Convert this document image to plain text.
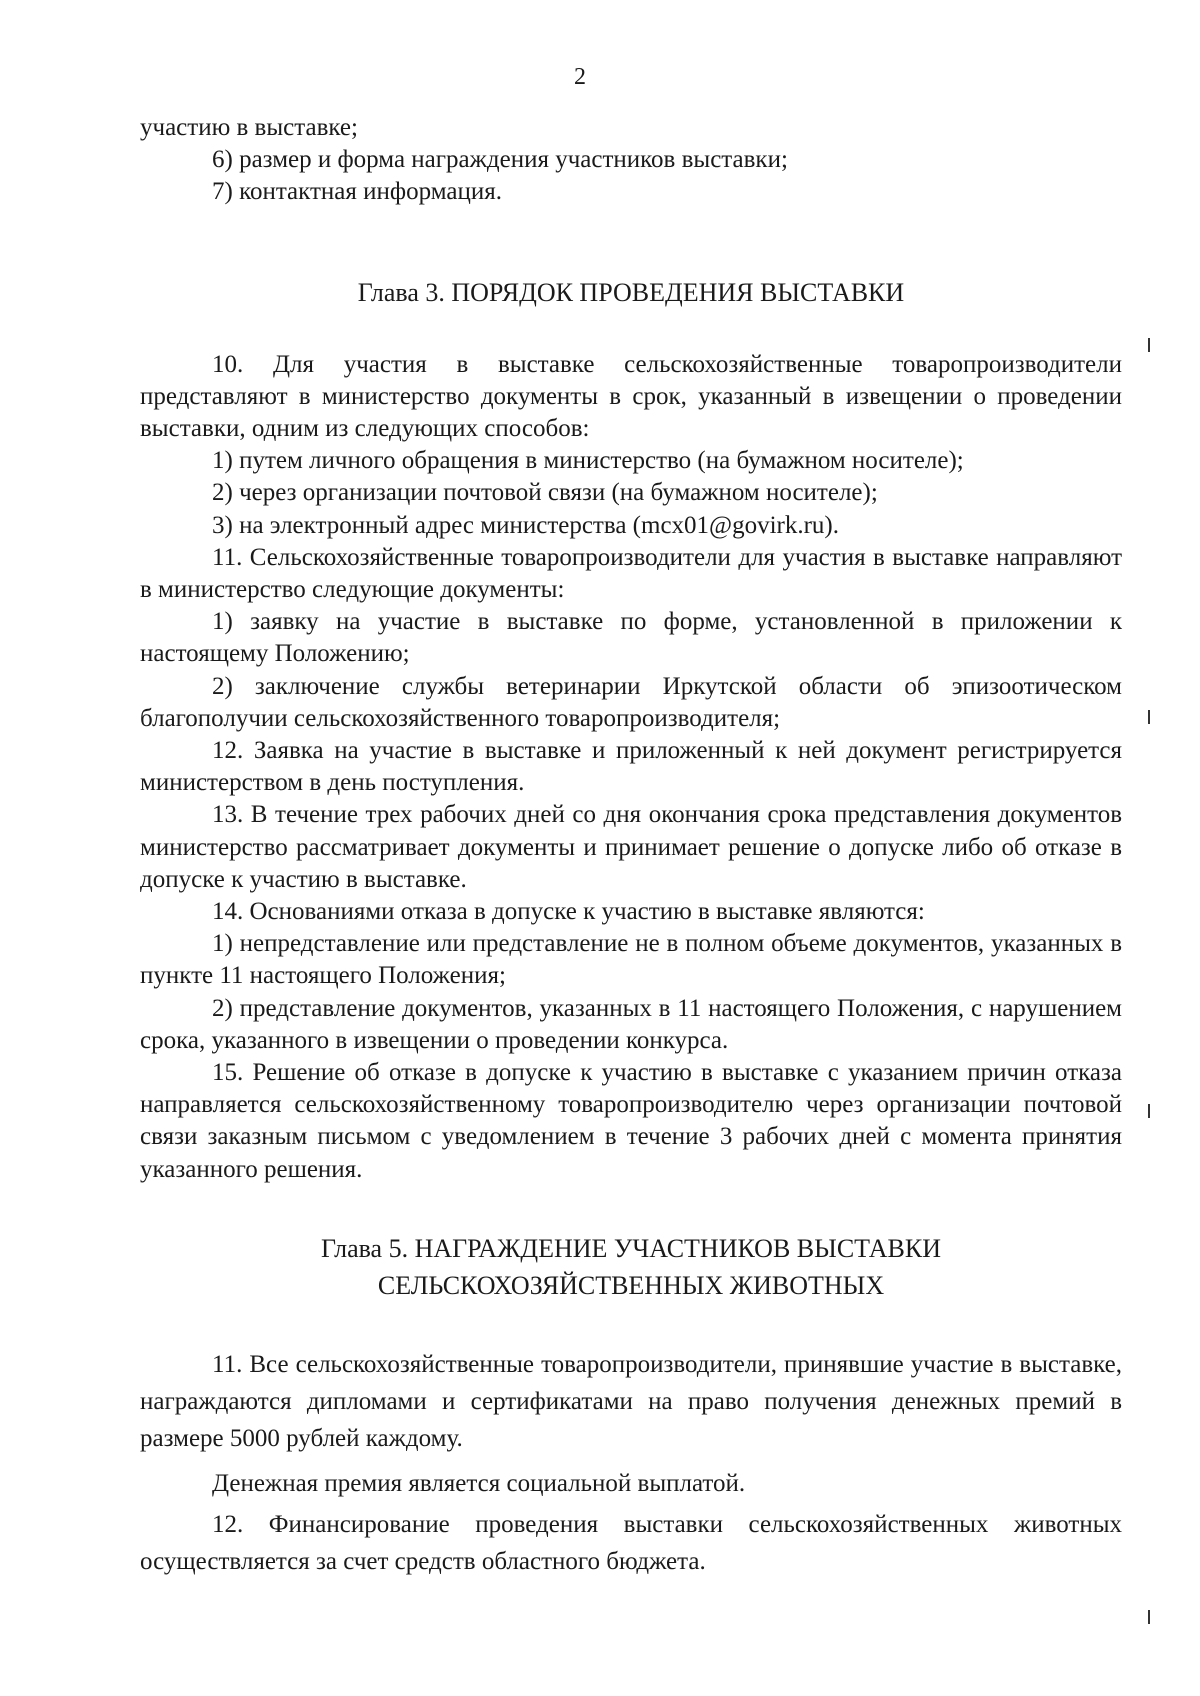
2

участию в выставке;

6) размер и форма награждения участников выставки;

7) контактная информация.

Глава 3. ПОРЯДОК ПРОВЕДЕНИЯ ВЫСТАВКИ

10. Для участия в выставке сельскохозяйственные товаропроизводители представляют в министерство документы в срок, указанный в извещении о проведении выставки, одним из следующих способов:

1) путем личного обращения в министерство (на бумажном носителе);

2) через организации почтовой связи (на бумажном носителе);

3) на электронный адрес министерства (mcx01@govirk.ru).

11. Сельскохозяйственные товаропроизводители для участия в выставке направляют в министерство следующие документы:

1) заявку на участие в выставке по форме, установленной в приложении к настоящему Положению;

2) заключение службы ветеринарии Иркутской области об эпизоотическом благополучии сельскохозяйственного товаропроизводителя;

12. Заявка на участие в выставке и приложенный к ней документ регистрируется министерством в день поступления.

13. В течение трех рабочих дней со дня окончания срока представления документов министерство рассматривает документы и принимает решение о допуске либо об отказе в допуске к участию в выставке.

14. Основаниями отказа в допуске к участию в выставке являются:

1) непредставление или представление не в полном объеме документов, указанных в пункте 11 настоящего Положения;

2) представление документов, указанных в 11 настоящего Положения, с нарушением срока, указанного в извещении о проведении конкурса.

15. Решение об отказе в допуске к участию в выставке с указанием причин отказа направляется сельскохозяйственному товаропроизводителю через организации почтовой связи заказным письмом с уведомлением в течение 3 рабочих дней с момента принятия указанного решения.

Глава 5. НАГРАЖДЕНИЕ УЧАСТНИКОВ ВЫСТАВКИ
СЕЛЬСКОХОЗЯЙСТВЕННЫХ ЖИВОТНЫХ

11. Все сельскохозяйственные товаропроизводители, принявшие участие в выставке, награждаются дипломами и сертификатами на право получения денежных премий в размере 5000 рублей каждому.

Денежная премия является социальной выплатой.

12. Финансирование проведения выставки сельскохозяйственных животных осуществляется за счет средств областного бюджета.
